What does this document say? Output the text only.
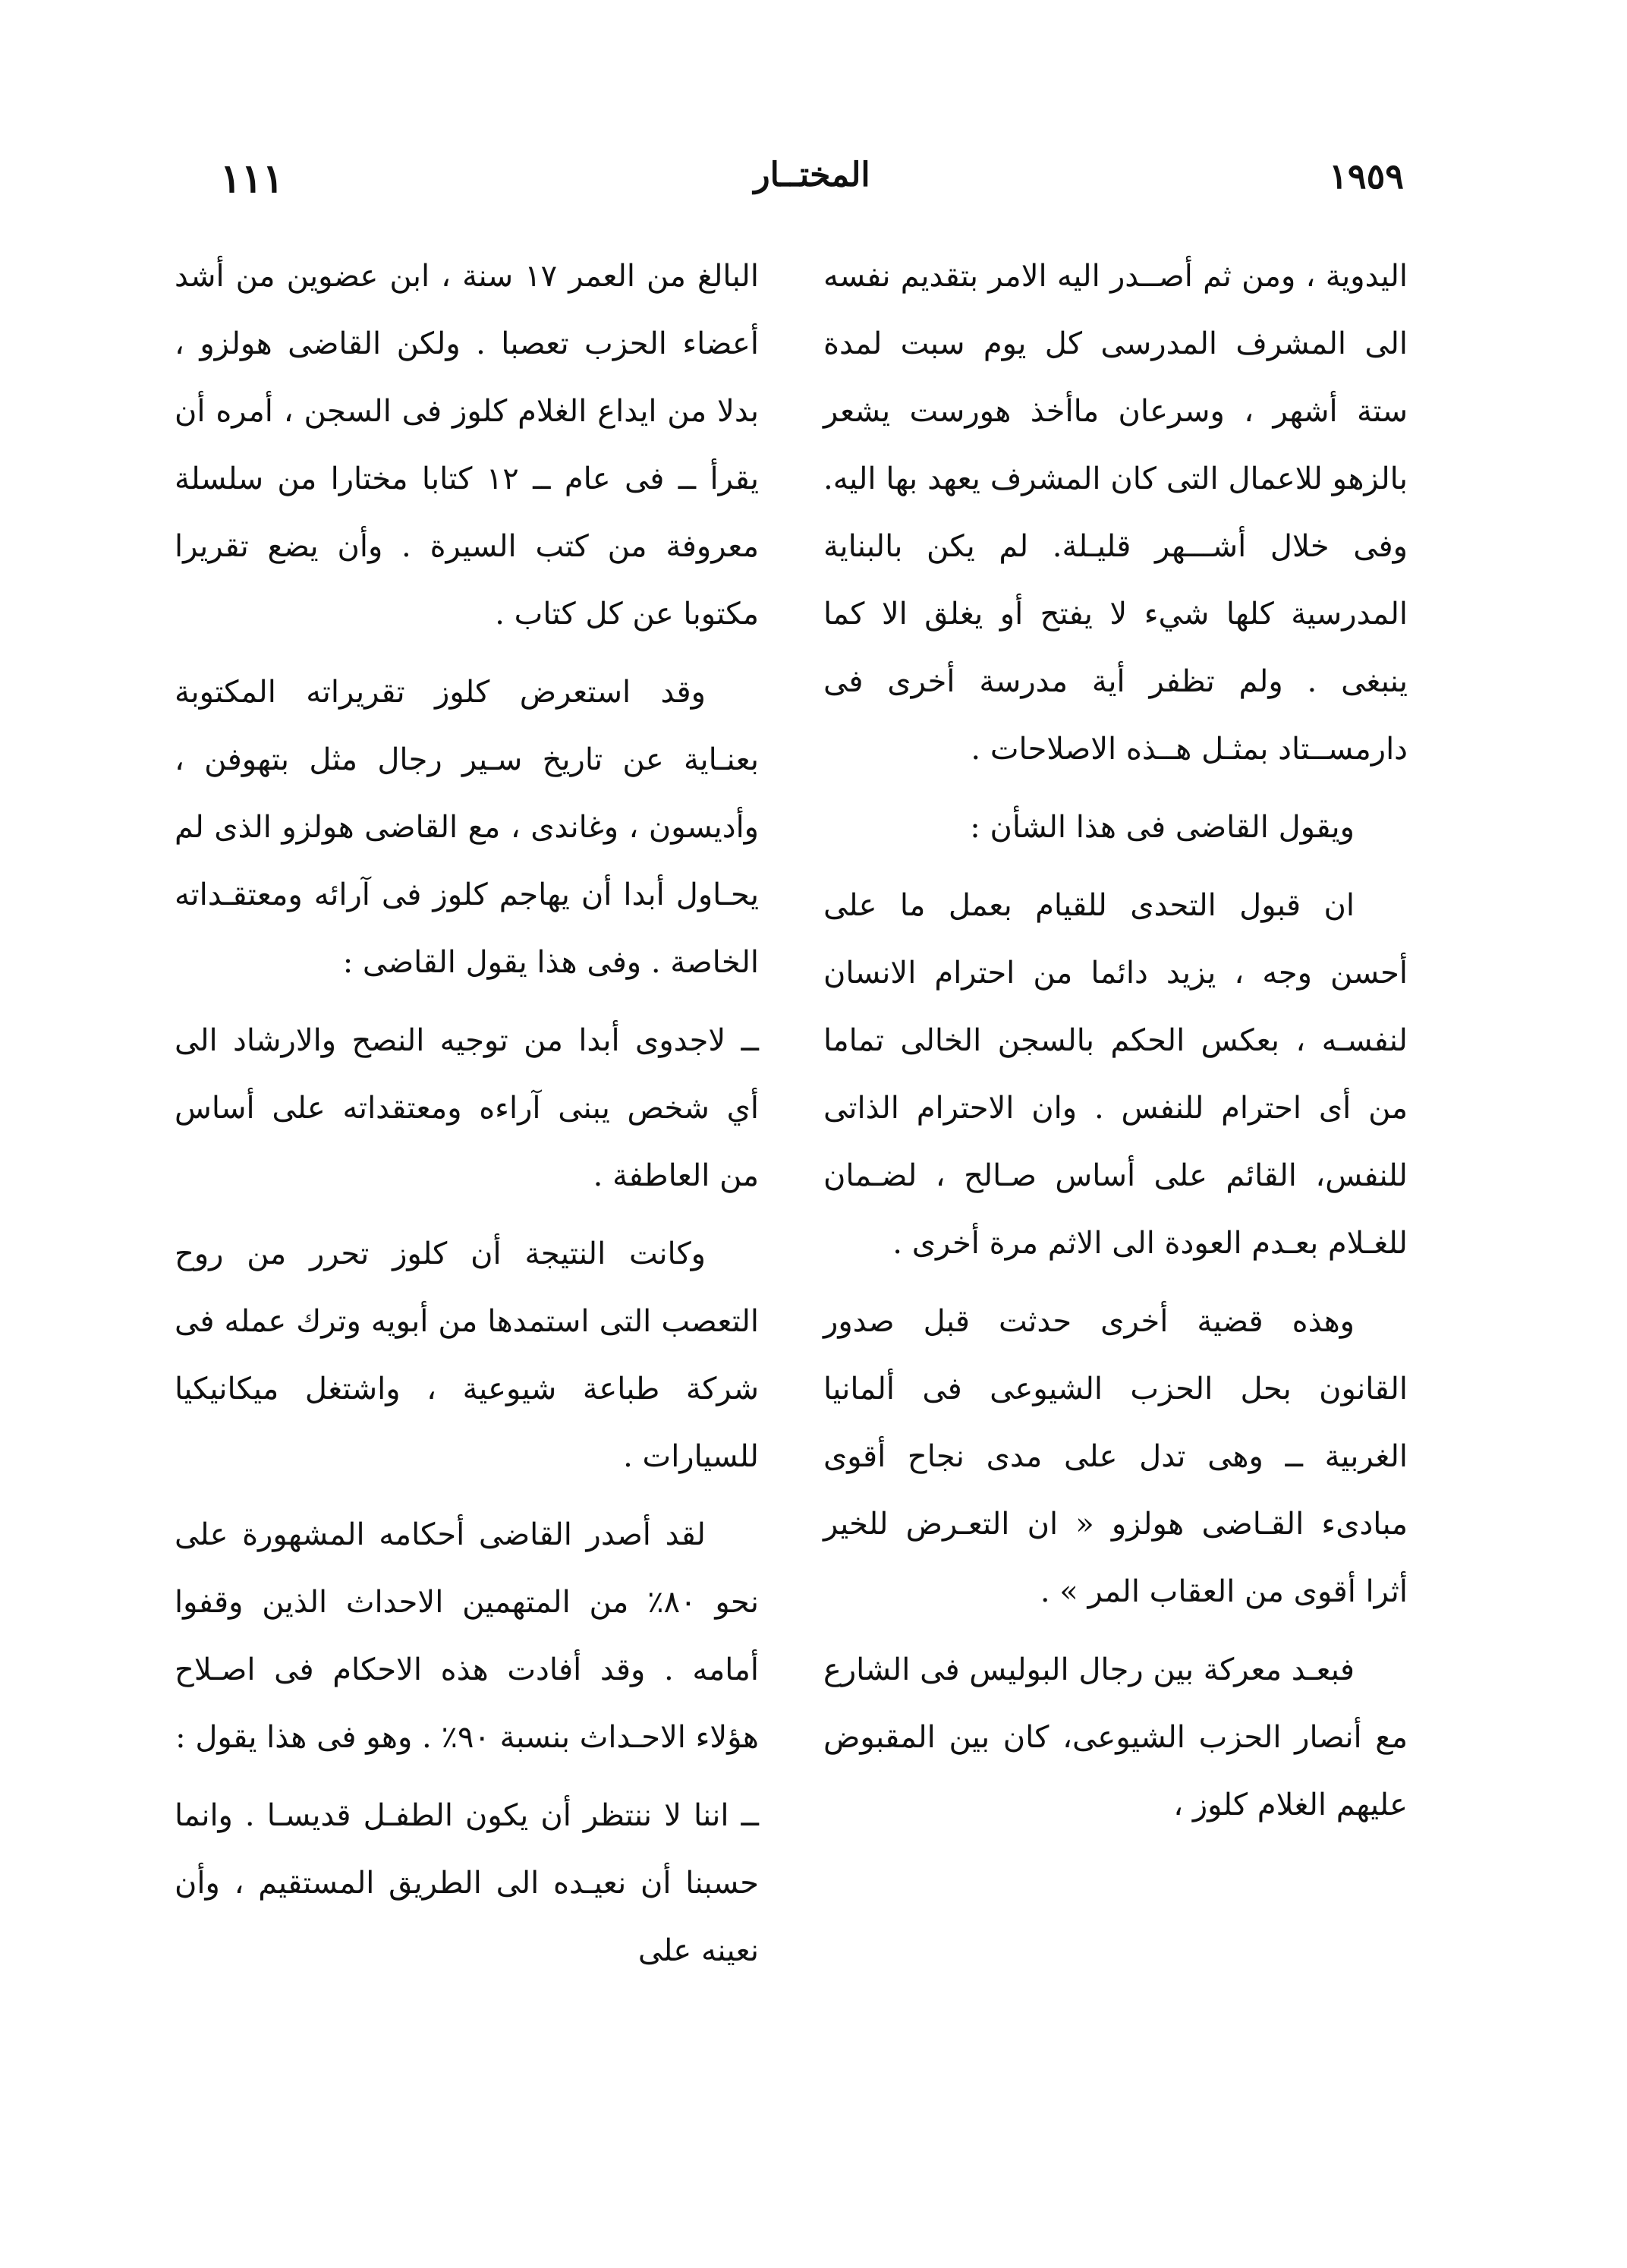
١١١	المختــار	١٩٥٩

اليدوية ، ومن ثم أصــدر اليه الامر بتقديم نفسه الى المشرف المدرسى كل يوم سبت لمدة ستة أشهر ، وسرعان ماأخذ هورست يشعر بالزهو للاعمال التى كان المشرف يعهد بها اليه. وفى خلال أشـــهر قليـلة. لم يكن بالبناية المدرسية كلها شيء لا يفتح أو يغلق الا كما ينبغى . ولم تظفر أية مدرسة أخرى فى دارمســتاد بمثـل هــذه الاصلاحات .

ويقول القاضى فى هذا الشأن :

ان قبول التحدى للقيام بعمل ما على أحسن وجه ، يزيد دائما من احترام الانسان لنفسـه ، بعكس الحكم بالسجن الخالى تماما من أى احترام للنفس . وان الاحترام الذاتى للنفس، القائم على أساس صـالح ، لضـمان للغـلام بعـدم العودة الى الاثم مرة أخرى .

وهذه قضية أخرى حدثت قبل صدور القانون بحل الحزب الشيوعى فى ألمانيا الغربية ــ وهى تدل على مدى نجاح أقوى مبادىء القـاضى هولزو « ان التعـرض للخير أثرا أقوى من العقاب المر » .

فبعـد معركة بين رجال البوليس فى الشارع مع أنصار الحزب الشيوعى، كان بين المقبوض عليهم الغلام كلوز ،

البالغ من العمر ١٧ سنة ، ابن عضوين من أشد أعضاء الحزب تعصبا . ولكن القاضى هولزو ، بدلا من ايداع الغلام كلوز فى السجن ، أمره أن يقرأ ــ فى عام ــ ١٢ كتابا مختارا من سلسلة معروفة من كتب السيرة . وأن يضع تقريرا مكتوبا عن كل كتاب .

وقد استعرض كلوز تقريراته المكتوبة بعنـاية عن تاريخ سـير رجال مثل بتهوفن ، وأديسون ، وغاندى ، مع القاضى هولزو الذى لم يحـاول أبدا أن يهاجم كلوز فى آرائه ومعتقـداته الخاصة . وفى هذا يقول القاضى :

ــ لاجدوى أبدا من توجيه النصح والارشاد الى أي شخص يبنى آراءه ومعتقداته على أساس من العاطفة .

وكانت النتيجة أن كلوز تحرر من روح التعصب التى استمدها من أبويه وترك عمله فى شركة طباعة شيوعية ، واشتغل ميكانيكيا للسيارات .

لقد أصدر القاضى أحكامه المشهورة على نحو ٨٠٪ من المتهمين الاحداث الذين وقفوا أمامه . وقد أفادت هذه الاحكام فى اصـلاح هؤلاء الاحـداث بنسبة ٩٠٪ . وهو فى هذا يقول :

ــ اننا لا ننتظر أن يكون الطفـل قديسـا . وانما حسبنا أن نعيـده الى الطريق المستقيم ، وأن نعينه على
